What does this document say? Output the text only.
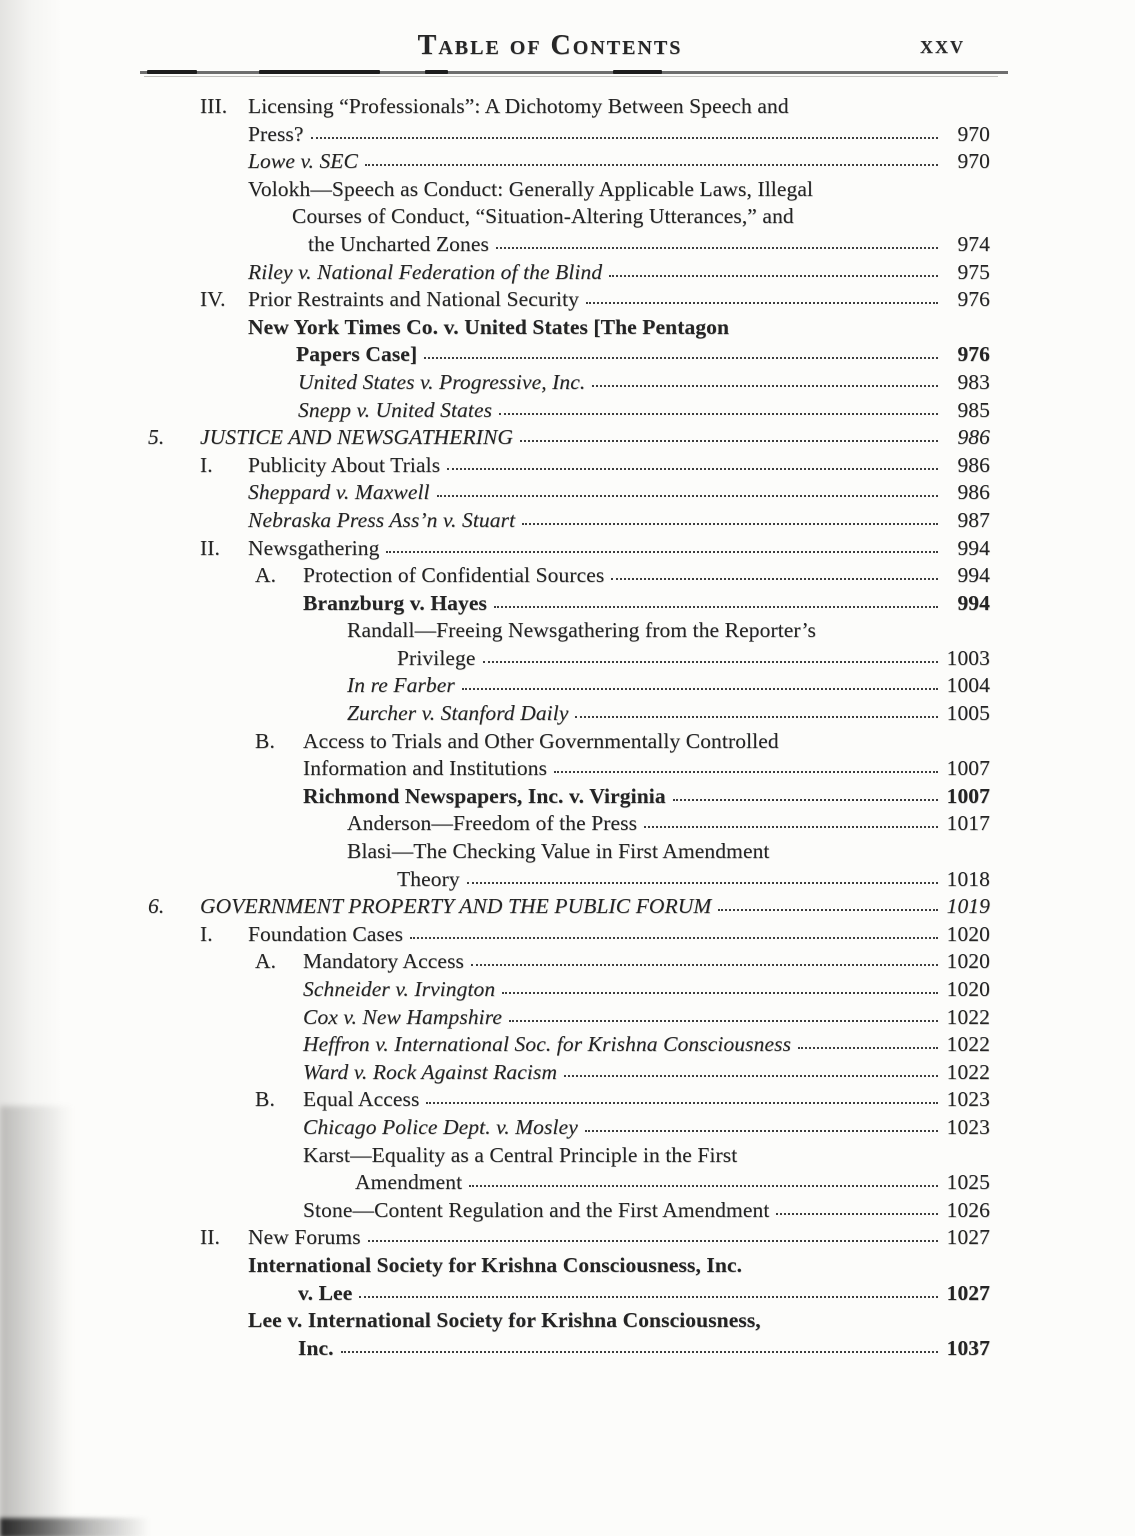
Table of Contents	xxv
III. Licensing “Professionals”: A Dichotomy Between Speech and
Press?	970
Lowe v. SEC	970
Volokh—Speech as Conduct: Generally Applicable Laws, Illegal
Courses of Conduct, “Situation-Altering Utterances,” and
the Uncharted Zones	974
Riley v. National Federation of the Blind	975
IV.	Prior Restraints and National Security	976
New York Times Co. v. United States [The Pentagon
Papers Case]	976
United States v. Progressive, Inc.	983
Snepp v. United States	985
5.	JUSTICE AND NEWSGATHERING	986
I.	Publicity About Trials	986
Sheppard v. Maxwell	986
Nebraska Press Ass’n v. Stuart	987
II.	Newsgathering	994
A.	Protection of Confidential Sources	994
Branzburg v. Hayes	994
Randall—Freeing Newsgathering from the Reporter’s
Privilege	1003
In re Farber	1004
Zurcher v. Stanford Daily	1005
B.	Access to Trials and Other Governmentally Controlled
Information and Institutions	1007
Richmond Newspapers, Inc. v. Virginia	1007
Anderson—Freedom of the Press	1017
Blasi—The Checking Value in First Amendment
Theory	1018
6.	GOVERNMENT PROPERTY AND THE PUBLIC FORUM	1019
I.	Foundation Cases	1020
A.	Mandatory Access	1020
Schneider v. Irvington	1020
Cox v. New Hampshire	1022
Heffron v. International Soc. for Krishna Consciousness	1022
Ward v. Rock Against Racism	1022
B.	Equal Access	1023
Chicago Police Dept. v. Mosley	1023
Karst—Equality as a Central Principle in the First
Amendment	1025
Stone—Content Regulation and the First Amendment	1026
II.	New Forums	1027
International Society for Krishna Consciousness, Inc.
v. Lee	1027
Lee v. International Society for Krishna Consciousness,
Inc.	1037
